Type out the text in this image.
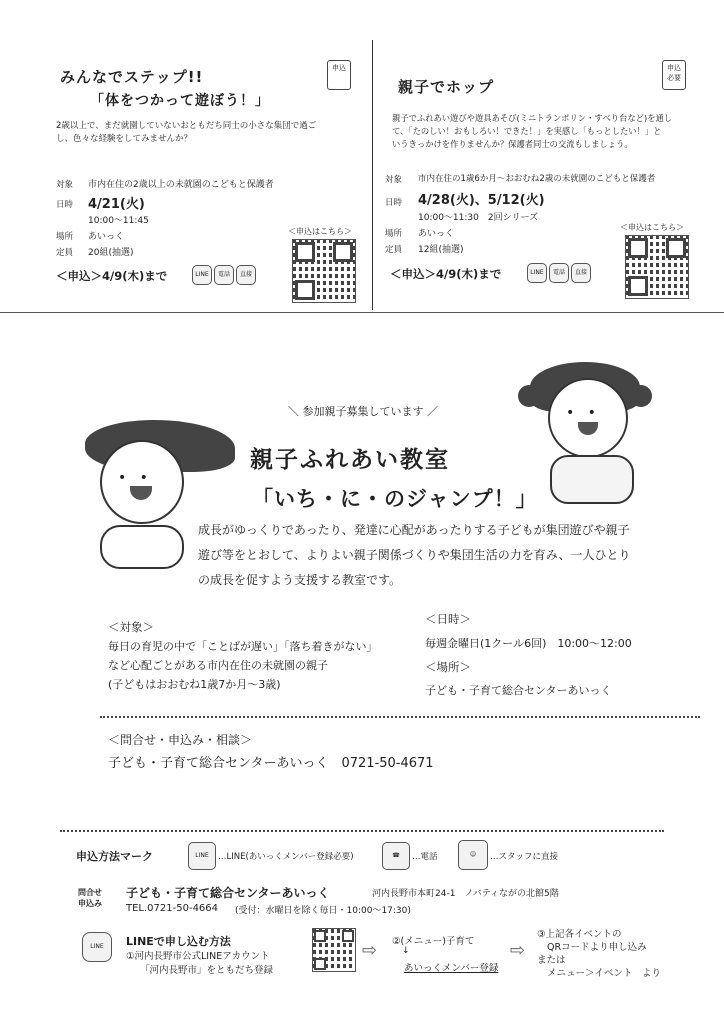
みんなでステップ!!
「体をつかって遊ぼう！」
申込
2歳以上で、まだ就園していないおともだち同士の小さな集団で過ご
し、色々な経験をしてみませんか？
対象 市内在住の2歳以上の未就園のこどもと保護者
日時 4/21(火)
10:00～11:45
場所 あいっく
定員 20組(抽選)
＜申込＞4/9(木)まで	LINE	電話	直接
＜申込はこちら＞
親子でホップ
申込
必要
親子でふれあい遊びや遊具あそび(ミニトランポリン・すべり台など)を通し
て、「たのしい！おもしろい！できた！」を実感し「もっとしたい！」と
いうきっかけを作りませんか？保護者同士の交流もしましょう。
対象 市内在住の1歳6か月～おおむね2歳の未就園のこどもと保護者
日時 4/28(火)、5/12(火)
10:00～11:30　2回シリーズ
場所 あいっく
定員 12組(抽選)
＜申込＞4/9(木)まで	LINE	電話	直接
＜申込はこちら＞
•   •
•   •
＼ 参加親子募集しています ／
親子ふれあい教室
「いち・に・のジャンプ！」
成長がゆっくりであったり、発達に心配があったりする子どもが集団遊びや親子
遊び等をとおして、よりよい親子関係づくりや集団生活の力を育み、一人ひとり
の成長を促すよう支援する教室です。
＜対象＞
毎日の育児の中で「ことばが遅い」「落ち着きがない」
など心配ごとがある市内在住の未就園の親子
(子どもはおおむね1歳7か月～3歳)
＜日時＞
毎週金曜日(1クール6回)　10:00～12:00
＜場所＞
子ども・子育て総合センターあいっく
＜問合せ・申込み・相談＞
子ども・子育て総合センターあいっく　0721-50-4671
申込方法マーク	LINE	…LINE(あいっくメンバー登録必要)	☎	…電話	☺	…スタッフに直接
問合せ
申込み
子ども・子育て総合センターあいっく	河内長野市本町24-1　ノバティながの北館5階
TEL.0721-50-4664 (受付：水曜日を除く毎日・10:00～17:30)
LINE	LINEで申し込む方法
①河内長野市公式LINEアカウント
「河内長野市」をともだち登録
⇨ ②(メニュー)子育て
↓
あいっくメンバー登録
⇨
③上記各イベントの
QRコードより申し込み
または
メニュー＞イベント　より
